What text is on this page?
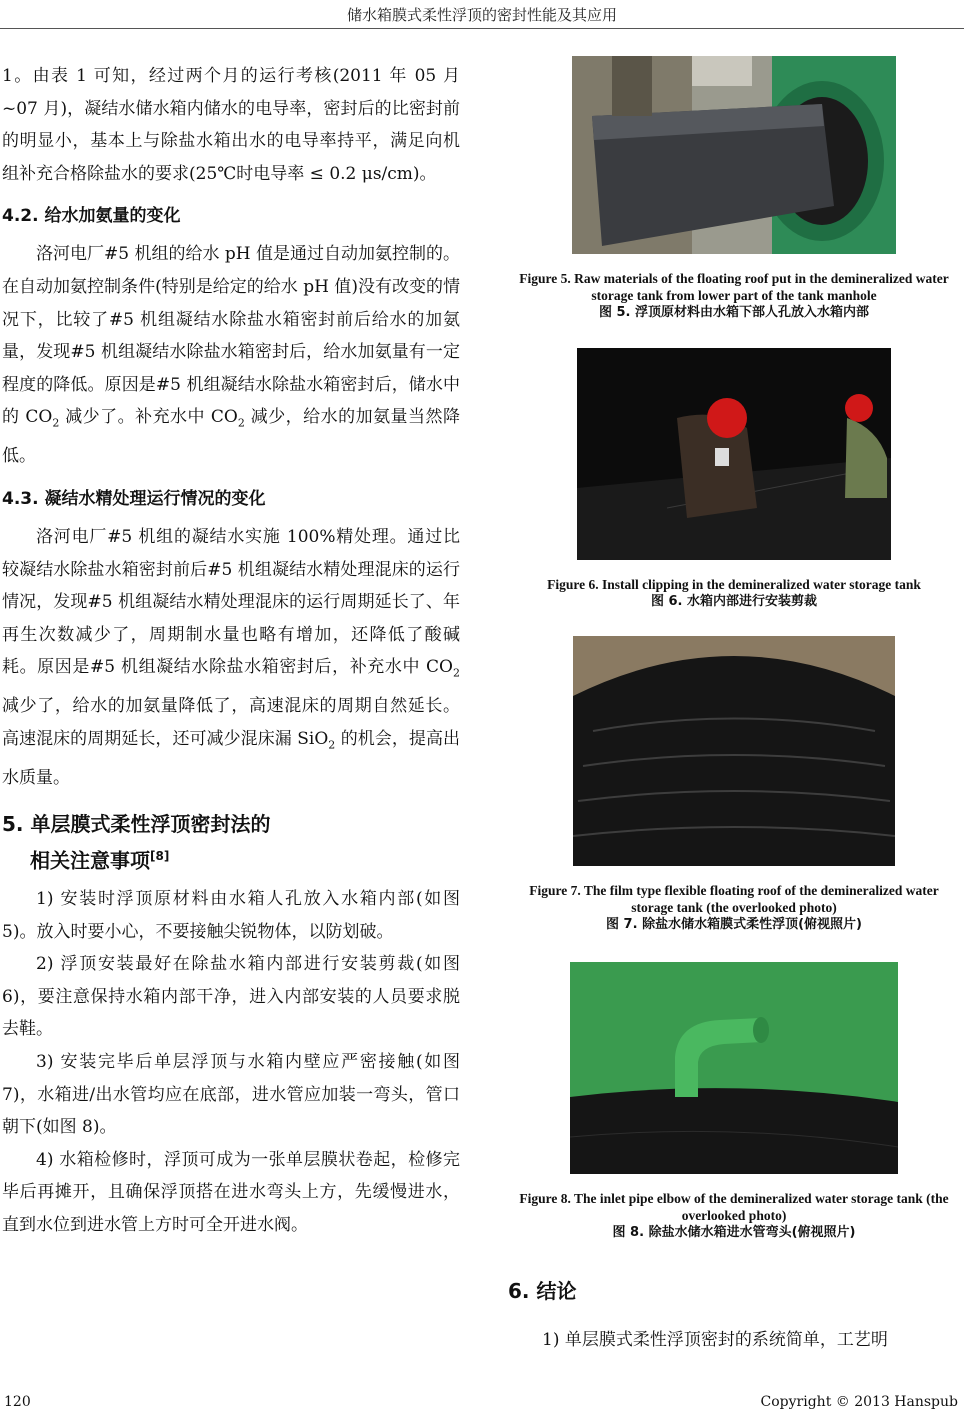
储水箱膜式柔性浮顶的密封性能及其应用

1。由表 1 可知，经过两个月的运行考核(2011 年 05 月~07 月)，凝结水储水箱内储水的电导率，密封后的比密封前的明显小，基本上与除盐水箱出水的电导率持平，满足向机组补充合格除盐水的要求(25℃时电导率 ≤ 0.2 μs/cm)。

4.2. 给水加氨量的变化

洛河电厂#5 机组的给水 pH 值是通过自动加氨控制的。在自动加氨控制条件(特别是给定的给水 pH 值)没有改变的情况下，比较了#5 机组凝结水除盐水箱密封前后给水的加氨量，发现#5 机组凝结水除盐水箱密封后，给水加氨量有一定程度的降低。原因是#5 机组凝结水除盐水箱密封后，储水中的 $CO_2$ 减少了。补充水中 $CO_2$ 减少，给水的加氨量当然降低。

4.3. 凝结水精处理运行情况的变化

洛河电厂#5 机组的凝结水实施 100%精处理。通过比较凝结水除盐水箱密封前后#5 机组凝结水精处理混床的运行情况，发现#5 机组凝结水精处理混床的运行周期延长了、年再生次数减少了，周期制水量也略有增加，还降低了酸碱耗。原因是#5 机组凝结水除盐水箱密封后，补充水中 $CO_2$ 减少了，给水的加氨量降低了，高速混床的周期自然延长。高速混床的周期延长，还可减少混床漏 SiO$_2$ 的机会，提高出水质量。

5. 单层膜式柔性浮顶密封法的
相关注意事项[8]

1) 安装时浮顶原材料由水箱人孔放入水箱内部(如图 5)。放入时要小心，不要接触尖锐物体，以防划破。

2) 浮顶安装最好在除盐水箱内部进行安装剪裁(如图 6)，要注意保持水箱内部干净，进入内部安装的人员要求脱去鞋。

3) 安装完毕后单层浮顶与水箱内壁应严密接触(如图 7)，水箱进/出水管均应在底部，进水管应加装一弯头，管口朝下(如图 8)。

4) 水箱检修时，浮顶可成为一张单层膜状卷起，检修完毕后再摊开，且确保浮顶搭在进水弯头上方，先缓慢进水，直到水位到进水管上方时可全开进水阀。

Figure 5. Raw materials of the floating roof put in the demineralized water storage tank from lower part of the tank manhole
图 5. 浮顶原材料由水箱下部人孔放入水箱内部
Figure 6. Install clipping in the demineralized water storage tank
图 6. 水箱内部进行安装剪裁
Figure 7. The film type flexible floating roof of the demineralized water storage tank (the overlooked photo)
图 7. 除盐水储水箱膜式柔性浮顶(俯视照片)
Figure 8. The inlet pipe elbow of the demineralized water storage tank (the overlooked photo)
图 8. 除盐水储水箱进水管弯头(俯视照片)
6. 结论

1) 单层膜式柔性浮顶密封的系统简单，工艺明

120	Copyright © 2013 Hanspub
